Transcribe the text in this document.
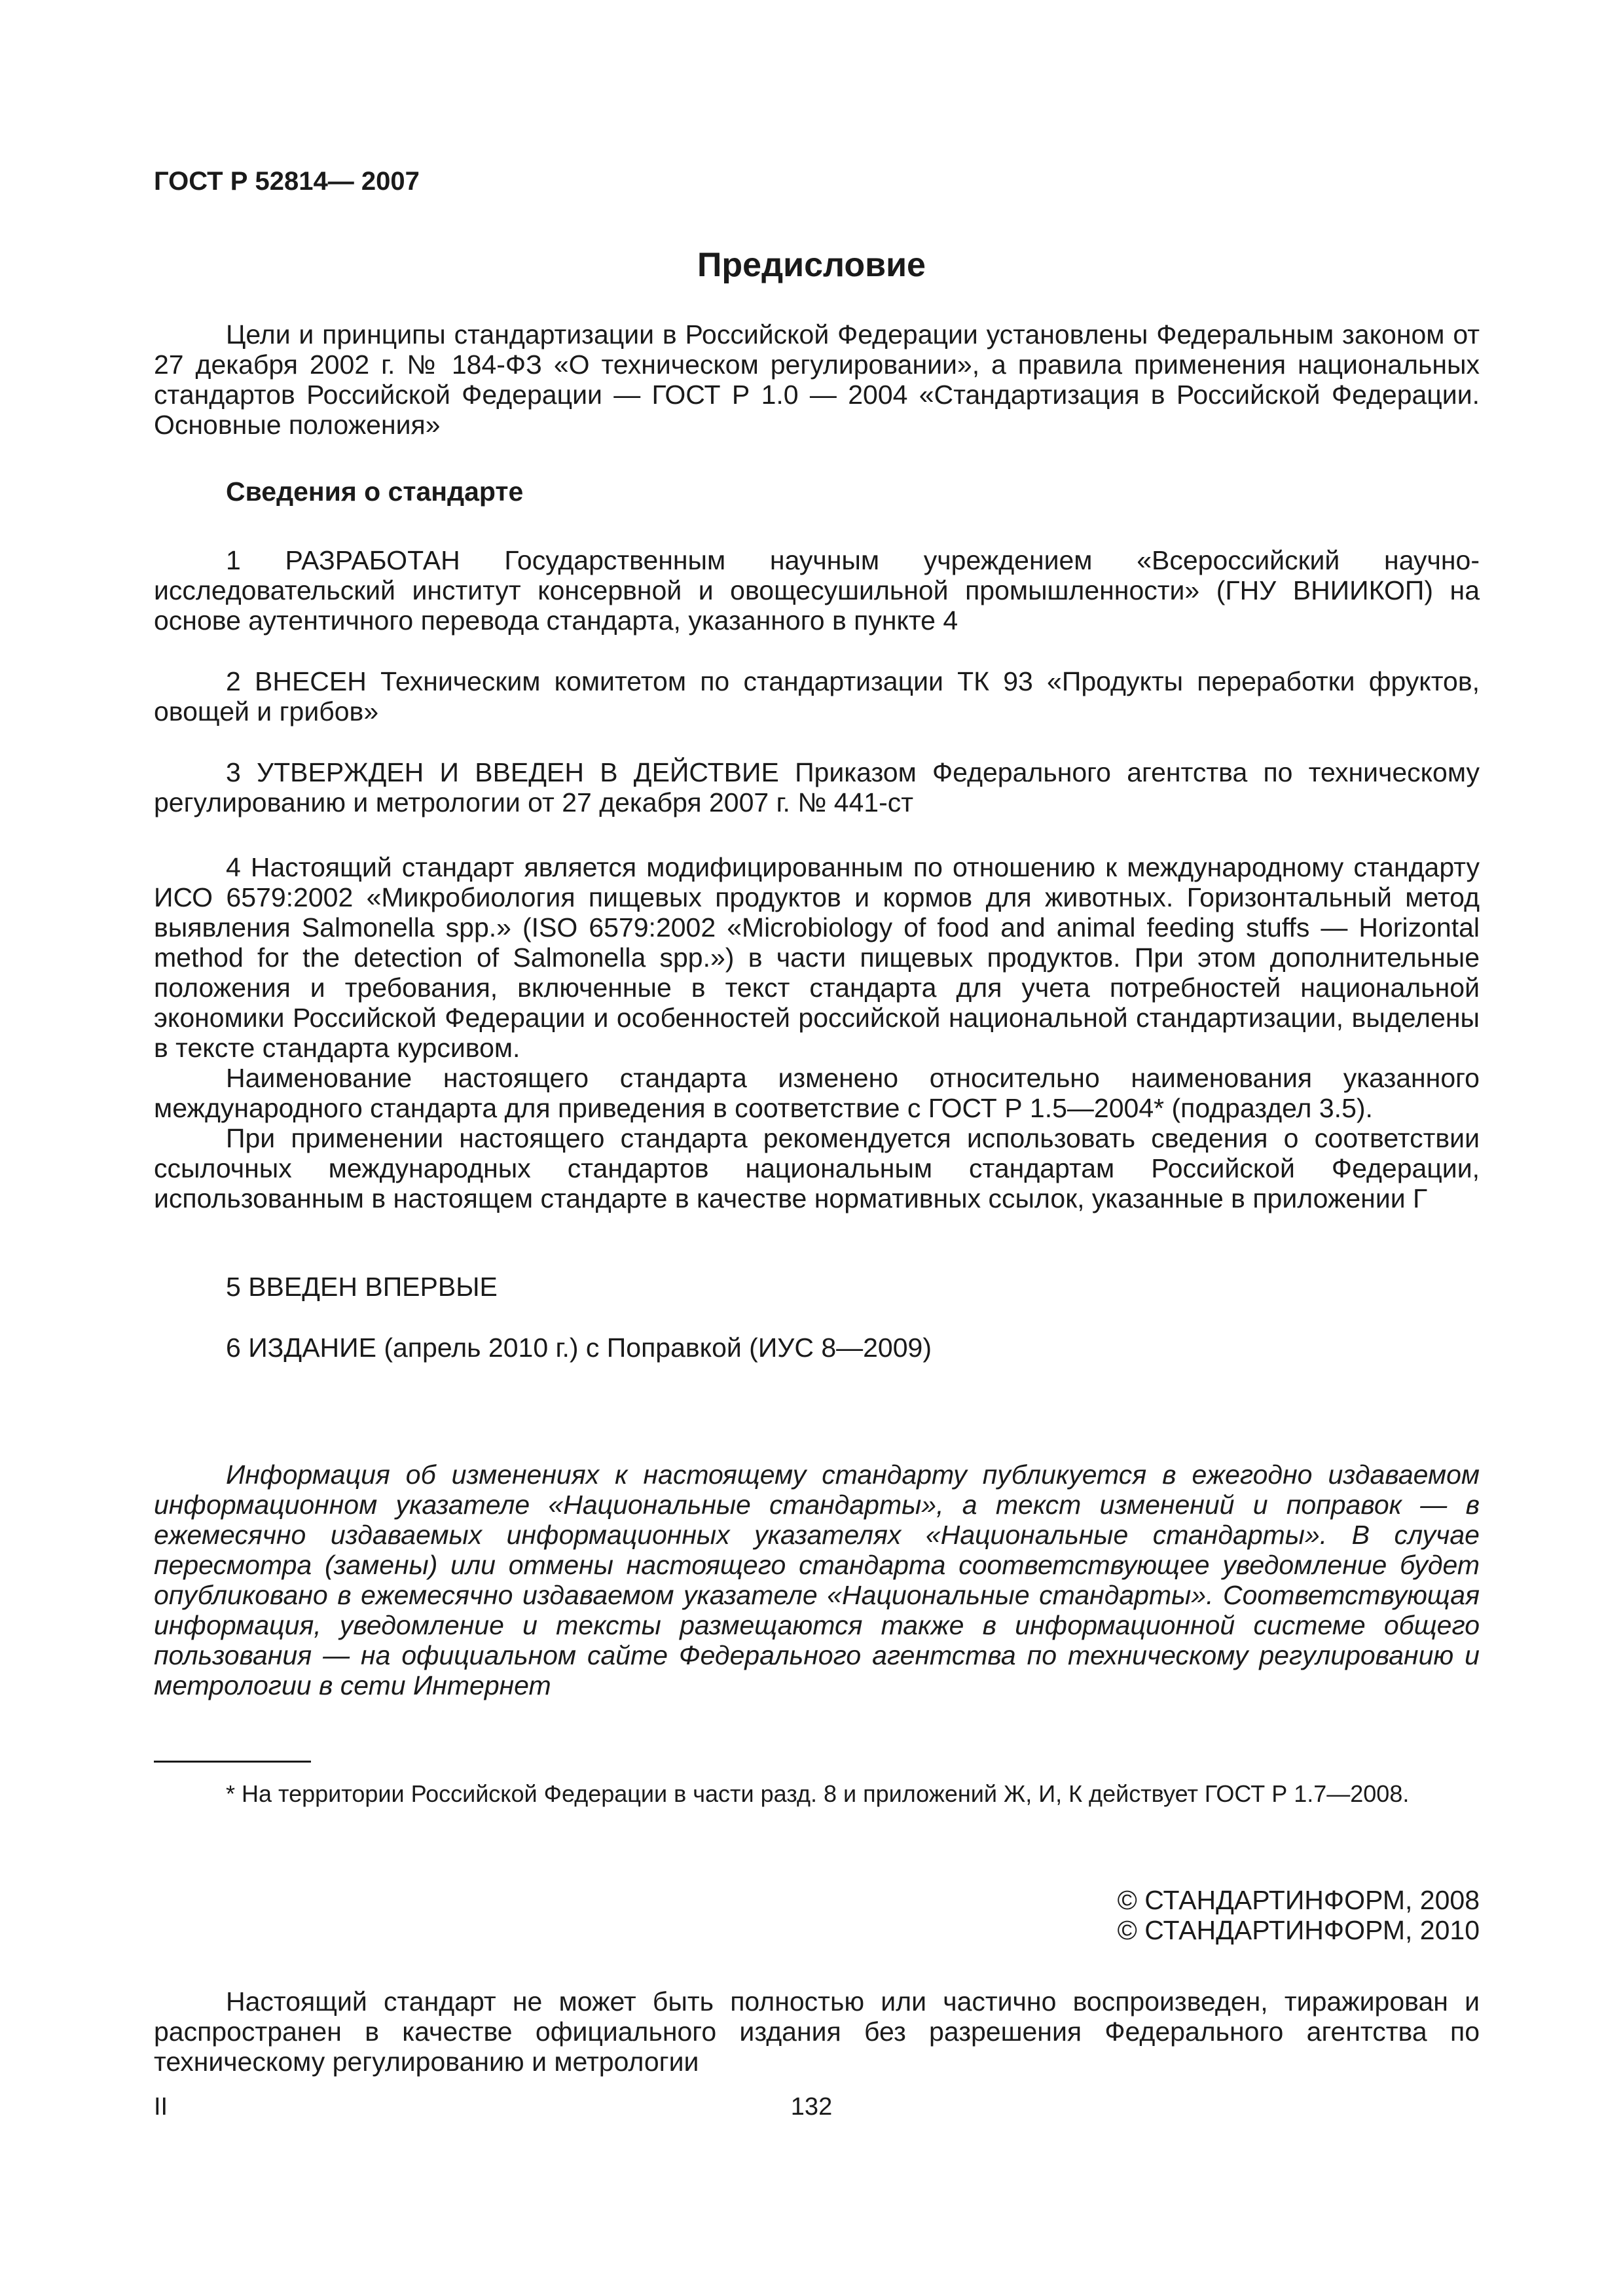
ГОСТ Р 52814— 2007

Предисловие

Цели и принципы стандартизации в Российской Федерации установлены Федеральным законом от 27 декабря 2002 г. № 184-ФЗ «О техническом регулировании», а правила применения национальных стандартов Российской Федерации — ГОСТ Р 1.0 — 2004 «Стандартизация в Российской Федерации. Основные положения»

Сведения о стандарте

1 РАЗРАБОТАН Государственным научным учреждением «Всероссийский научно-исследовательский институт консервной и овощесушильной промышленности» (ГНУ ВНИИКОП) на основе аутентичного перевода стандарта, указанного в пункте 4

2 ВНЕСЕН Техническим комитетом по стандартизации ТК 93 «Продукты переработки фруктов, овощей и грибов»

3 УТВЕРЖДЕН И ВВЕДЕН В ДЕЙСТВИЕ Приказом Федерального агентства по техническому регулированию и метрологии от 27 декабря 2007 г. № 441-ст

4 Настоящий стандарт является модифицированным по отношению к международному стандарту ИСО 6579:2002 «Микробиология пищевых продуктов и кормов для животных. Горизонтальный метод выявления Salmonella spp.» (ISO 6579:2002 «Microbiology of food and animal feeding stuffs — Horizontal method for the detection of Salmonella spp.») в части пищевых продуктов. При этом дополнительные положения и требования, включенные в текст стандарта для учета потребностей национальной экономики Российской Федерации и особенностей российской национальной стандартизации, выделены в тексте стандарта курсивом.

Наименование настоящего стандарта изменено относительно наименования указанного международного стандарта для приведения в соответствие с ГОСТ Р 1.5—2004* (подраздел 3.5).

При применении настоящего стандарта рекомендуется использовать сведения о соответствии ссылочных международных стандартов национальным стандартам Российской Федерации, использованным в настоящем стандарте в качестве нормативных ссылок, указанные в приложении Г

5 ВВЕДЕН ВПЕРВЫЕ

6 ИЗДАНИЕ (апрель 2010 г.) с Поправкой (ИУС 8—2009)

Информация об изменениях к настоящему стандарту публикуется в ежегодно издаваемом информационном указателе «Национальные стандарты», а текст изменений и поправок — в ежемесячно издаваемых информационных указателях «Национальные стандарты». В случае пересмотра (замены) или отмены настоящего стандарта соответствующее уведомление будет опубликовано в ежемесячно издаваемом указателе «Национальные стандарты». Соответствующая информация, уведомление и тексты размещаются также в информационной системе общего пользования — на официальном сайте Федерального агентства по техническому регулированию и метрологии в сети Интернет

* На территории Российской Федерации в части разд. 8 и приложений Ж, И, К действует ГОСТ Р 1.7—2008.

© СТАНДАРТИНФОРМ, 2008
© СТАНДАРТИНФОРМ, 2010

Настоящий стандарт не может быть полностью или частично воспроизведен, тиражирован и распространен в качестве официального издания без разрешения Федерального агентства по техническому регулированию и метрологии

II	132
